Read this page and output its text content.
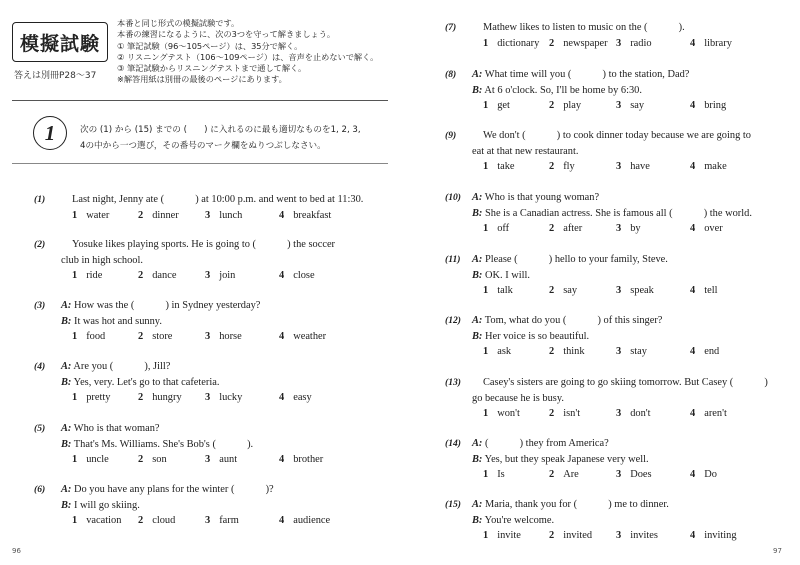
模擬試験
答えは別冊P28～37
本番と同じ形式の模擬試験です。
本番の練習になるように、次の3つを守って解きましょう。
① 筆記試験（96～105ページ）は、35分で解く。
② リスニングテスト（106～109ページ）は、音声を止めないで解く。
③ 筆記試験からリスニングテストまで通して解く。
※解答用紙は別冊の最後のページにあります。
1	次の (1) から (15) までの (　　) に入れるのに最も適切なものを1, 2, 3,
4の中から一つ選び，その番号のマーク欄をぬりつぶしなさい。
96	97
(1)	Last night, Jenny ate (　　　) at 10:00 p.m. and went to bed at 11:30.
1 water	2 dinner	3 lunch	4 breakfast
(2)	Yosuke likes playing sports. He is going to (　　　) the soccer
club in high school.
1 ride	2 dance	3 join	4 close
(3) A: How was the (　　　) in Sydney yesterday?
B: It was hot and sunny.
1 food	2 store	3 horse	4 weather
(4) A: Are you (　　　), Jill?
B: Yes, very. Let's go to that cafeteria.
1 pretty	2 hungry 3 lucky	4 easy
(5) A: Who is that woman?
B: That's Ms. Williams. She's Bob's (　　　).
1 uncle	2 son	3 aunt	4 brother
(6) A: Do you have any plans for the winter (　　　)?
B: I will go skiing.
1 vacation 2 cloud	3 farm	4 audience
(7)	Mathew likes to listen to music on the (　　　).
1 dictionary 2 newspaper 3 radio	4 library
(8) A: What time will you (　　　) to the station, Dad?
B: At 6 o'clock. So, I'll be home by 6:30.
1 get	2 play	3 say	4 bring
(9)	We don't (　　　) to cook dinner today because we are going to
eat at that new restaurant.
1 take	2 fly	3 have	4 make
(10) A: Who is that young woman?
B: She is a Canadian actress. She is famous all (　　　) the world.
1 off	2 after	3 by	4 over
(11) A: Please (　　　) hello to your family, Steve.
B: OK. I will.
1 talk	2 say	3 speak	4 tell
(12) A: Tom, what do you (　　　) of this singer?
B: Her voice is so beautiful.
1 ask	2 think	3 stay	4 end
(13) Casey's sisters are going to go skiing tomorrow. But Casey (　　　)
go because he is busy.
1 won't	2 isn't	3 don't	4 aren't
(14) A: (　　　) they from America?
B: Yes, but they speak Japanese very well.
1 Is	2 Are	3 Does	4 Do
(15) A: Maria, thank you for (　　　) me to dinner.
B: You're welcome.
1 invite	2 invited 3 invites	4 inviting
